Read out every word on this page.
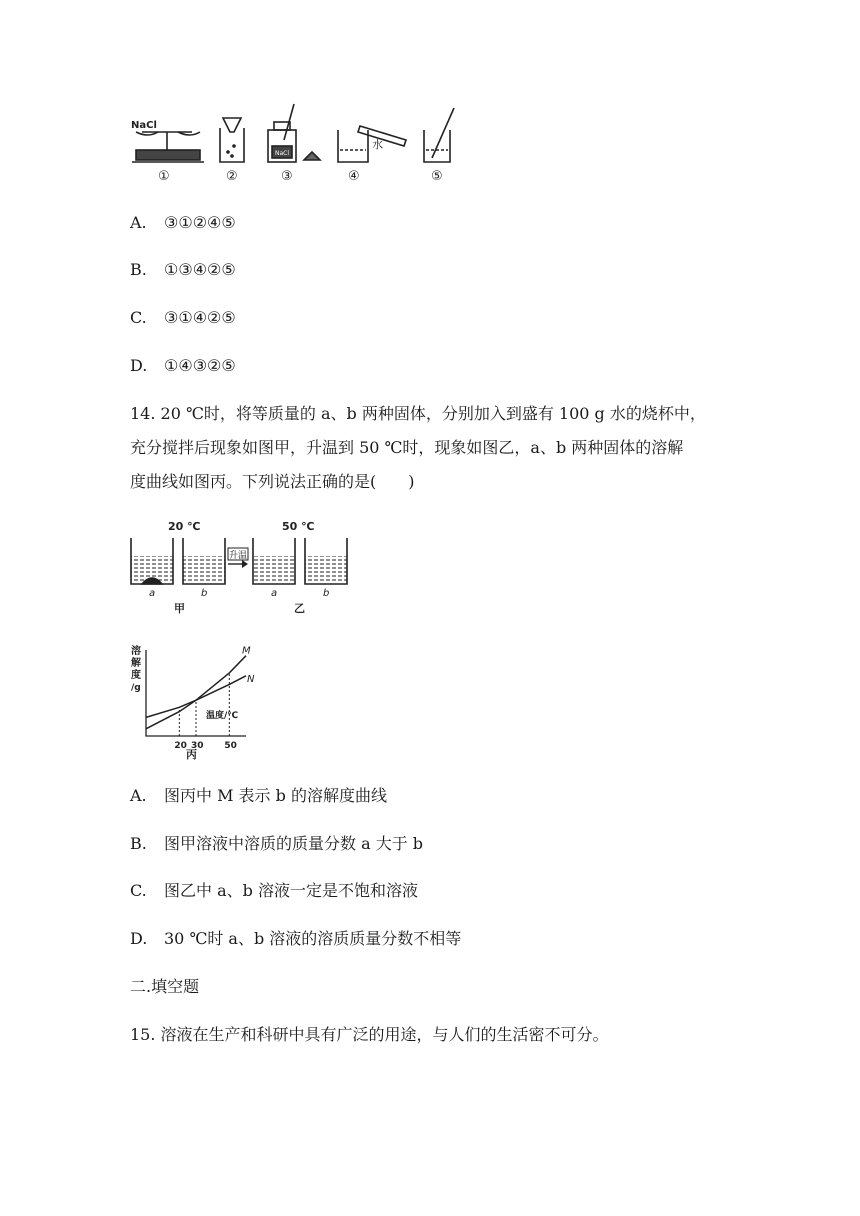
NaCl
NaCl
水
①	②	③	④	⑤
A. ③①②④⑤
B. ①③④②⑤
C. ③①④②⑤
D. ①④③②⑤
14. 20 ℃时，将等质量的 a、b 两种固体，分别加入到盛有 100 g 水的烧杯中，
充分搅拌后现象如图甲，升温到 50 ℃时，现象如图乙，a、b 两种固体的溶解
度曲线如图丙。下列说法正确的是(　　)
20 ℃	50 ℃
升温
a	b	a	b
甲	乙
溶
解
度
/g
20 30 50
温度/℃
M
N
丙
A. 图丙中 M 表示 b 的溶解度曲线
B. 图甲溶液中溶质的质量分数 a 大于 b
C. 图乙中 a、b 溶液一定是不饱和溶液
D. 30 ℃时 a、b 溶液的溶质质量分数不相等
二.填空题
15. 溶液在生产和科研中具有广泛的用途，与人们的生活密不可分。
